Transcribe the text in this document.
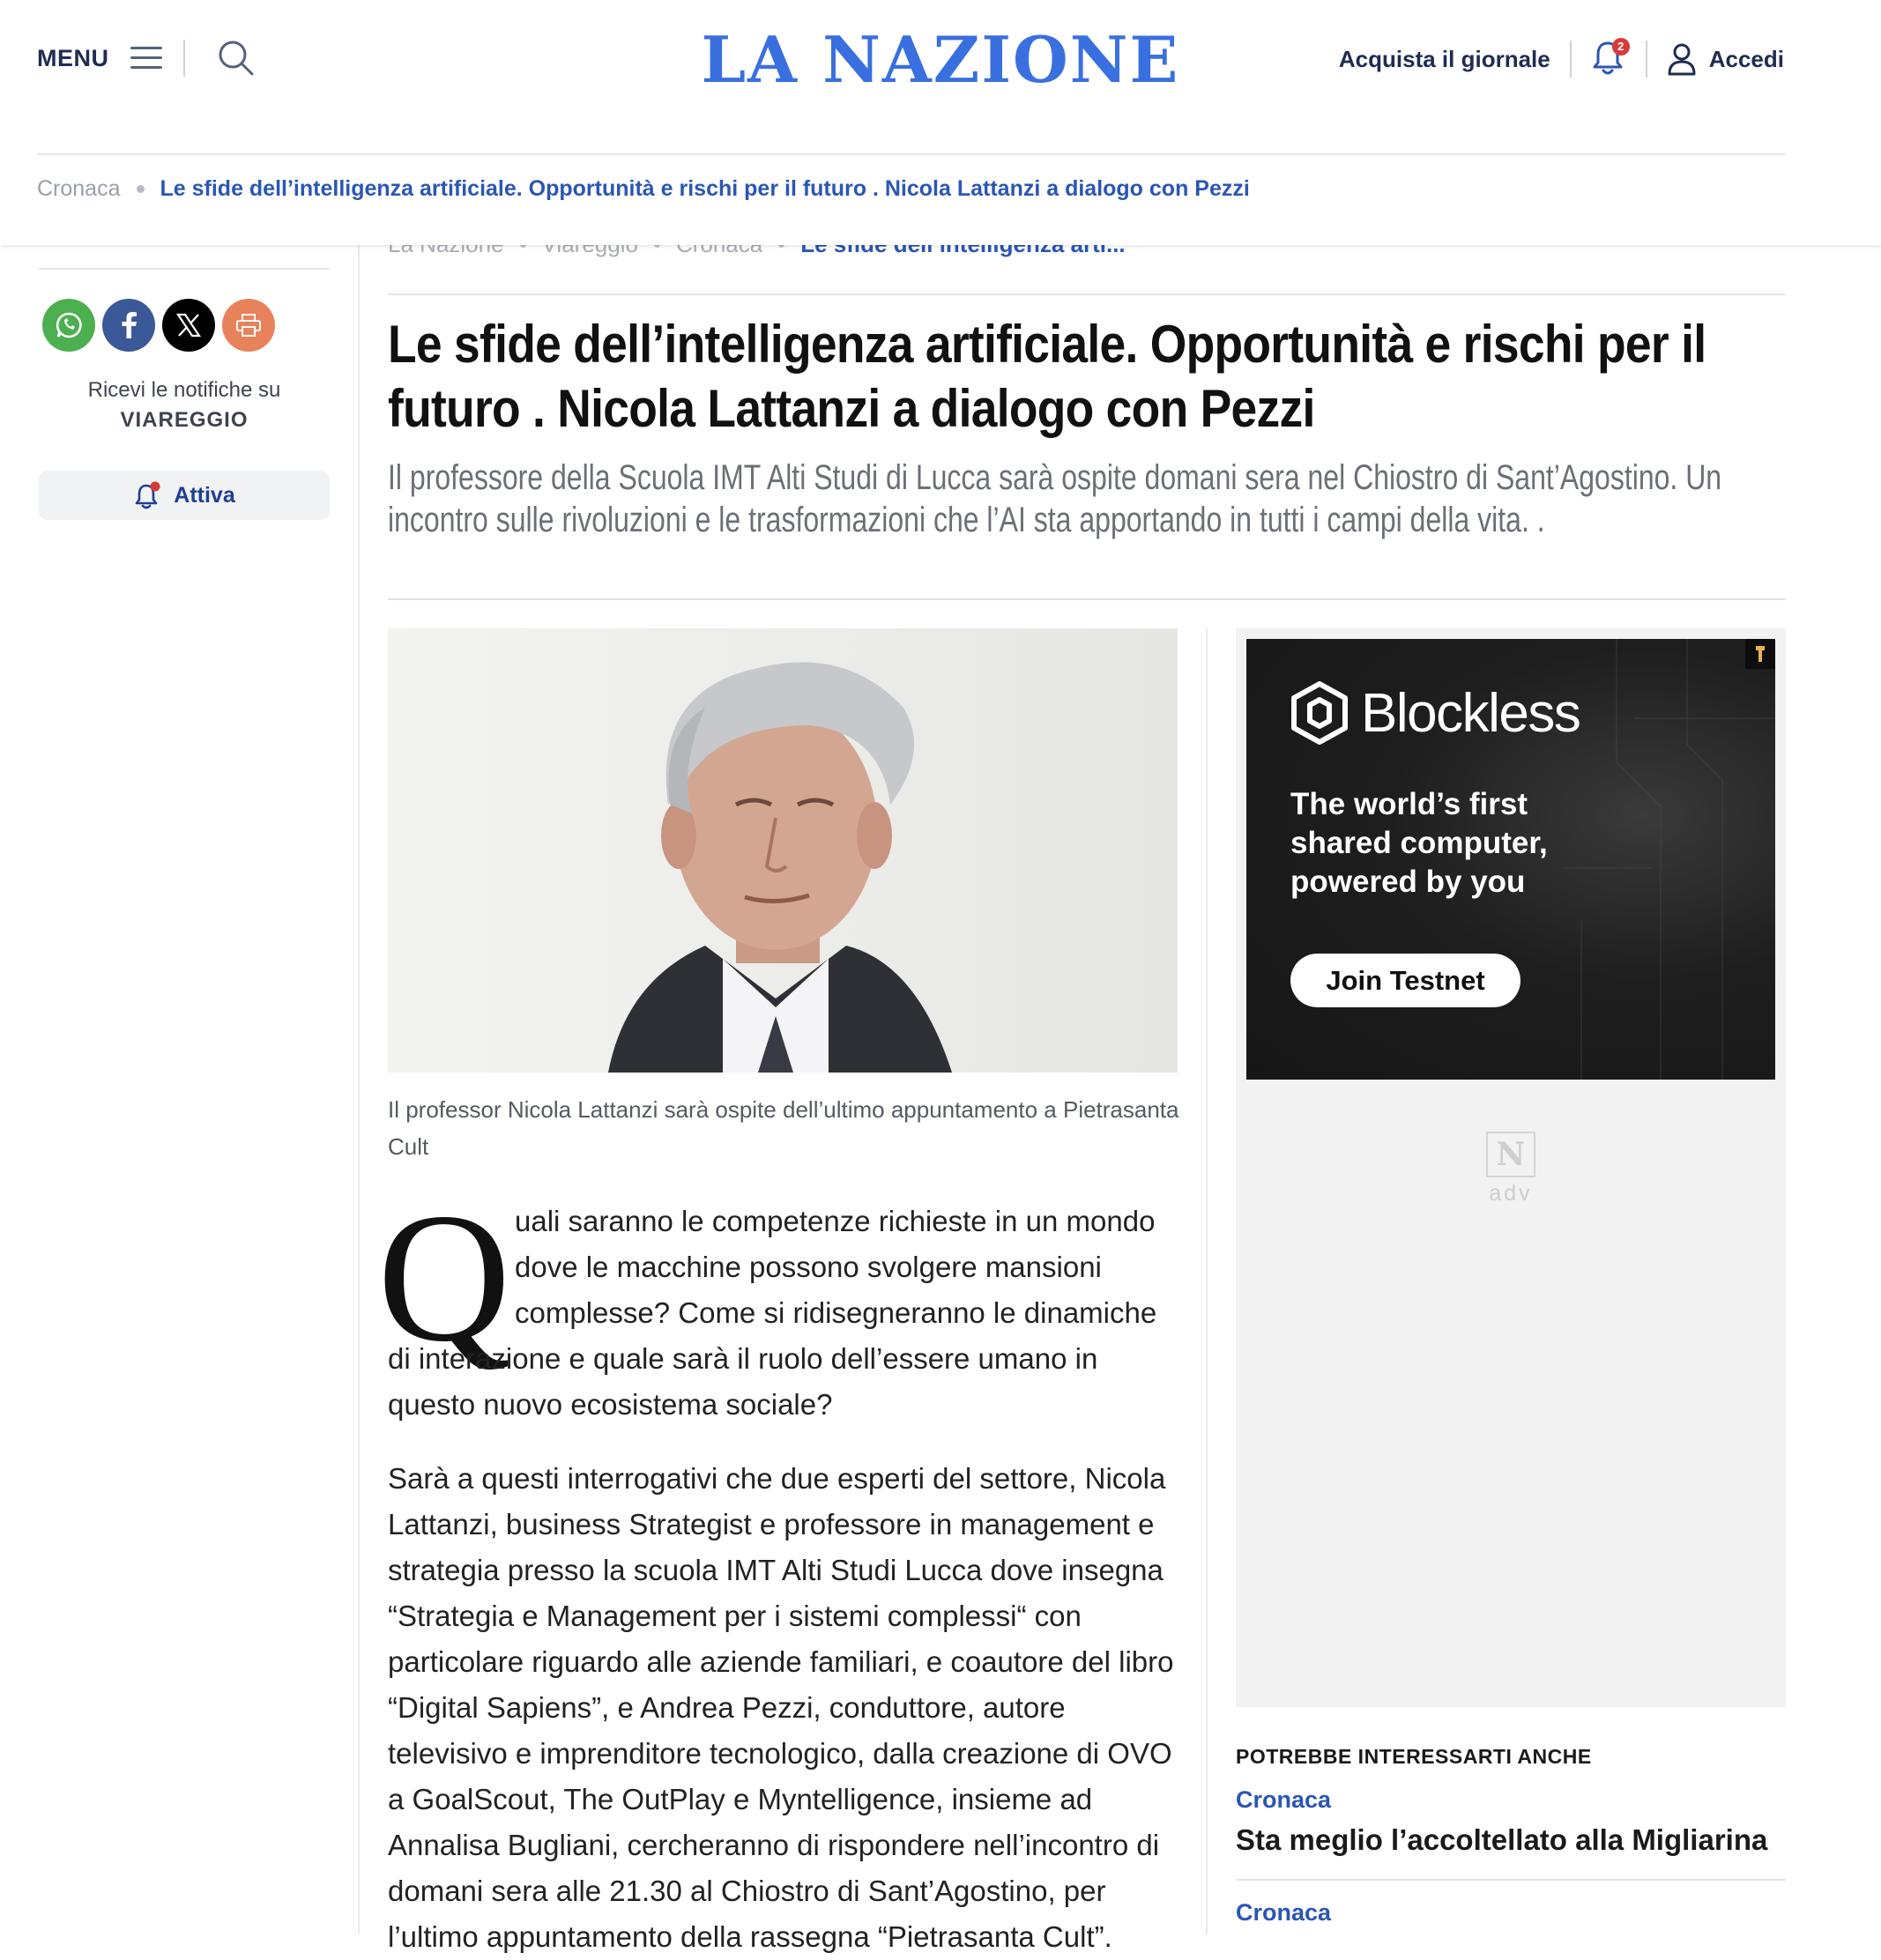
MENU	LA NAZIONE	Acquista il giornale	2	Accedi
Cronaca Le sfide dell’intelligenza artificiale. Opportunità e rischi per il futuro . Nicola Lattanzi a dialogo con Pezzi
Ricevi le notifiche su
VIAREGGIO
Attiva
Le sfide dell’intelligenza artificiale. Opportunità e rischi per il futuro . Nicola Lattanzi a dialogo con Pezzi

Il professore della Scuola IMT Alti Studi di Lucca sarà ospite domani sera nel Chiostro di Sant’Agostino. Un incontro sulle rivoluzioni e le trasformazioni che l’AI sta apportando in tutti i campi della vita. .

Il professor Nicola Lattanzi sarà ospite dell’ultimo appuntamento a Pietrasanta Cult
Q uali saranno le competenze richieste in un mondo dove le macchine possono svolgere mansioni complesse? Come si ridisegneranno le dinamiche
di interazione e quale sarà il ruolo dell’essere umano in questo nuovo ecosistema sociale?
Sarà a questi interrogativi che due esperti del settore, Nicola Lattanzi, business Strategist e professore in management e strategia presso la scuola IMT Alti Studi Lucca dove insegna “Strategia e Management per i sistemi complessi“ con particolare riguardo alle aziende familiari, e coautore del libro “Digital Sapiens”, e Andrea Pezzi, conduttore, autore televisivo e imprenditore tecnologico, dalla creazione di OVO a GoalScout, The OutPlay e Myntelligence, insieme ad Annalisa Bugliani, cercheranno di rispondere nell’incontro di domani sera alle 21.30 al Chiostro di Sant’Agostino, per l’ultimo appuntamento della rassegna “Pietrasanta Cult”.
Blockless
The world’s first shared computer, powered by you
Join Testnet
N
adv
POTREBBE INTERESSARTI ANCHE
Cronaca
Sta meglio l’accoltellato alla Migliarina
Cronaca
